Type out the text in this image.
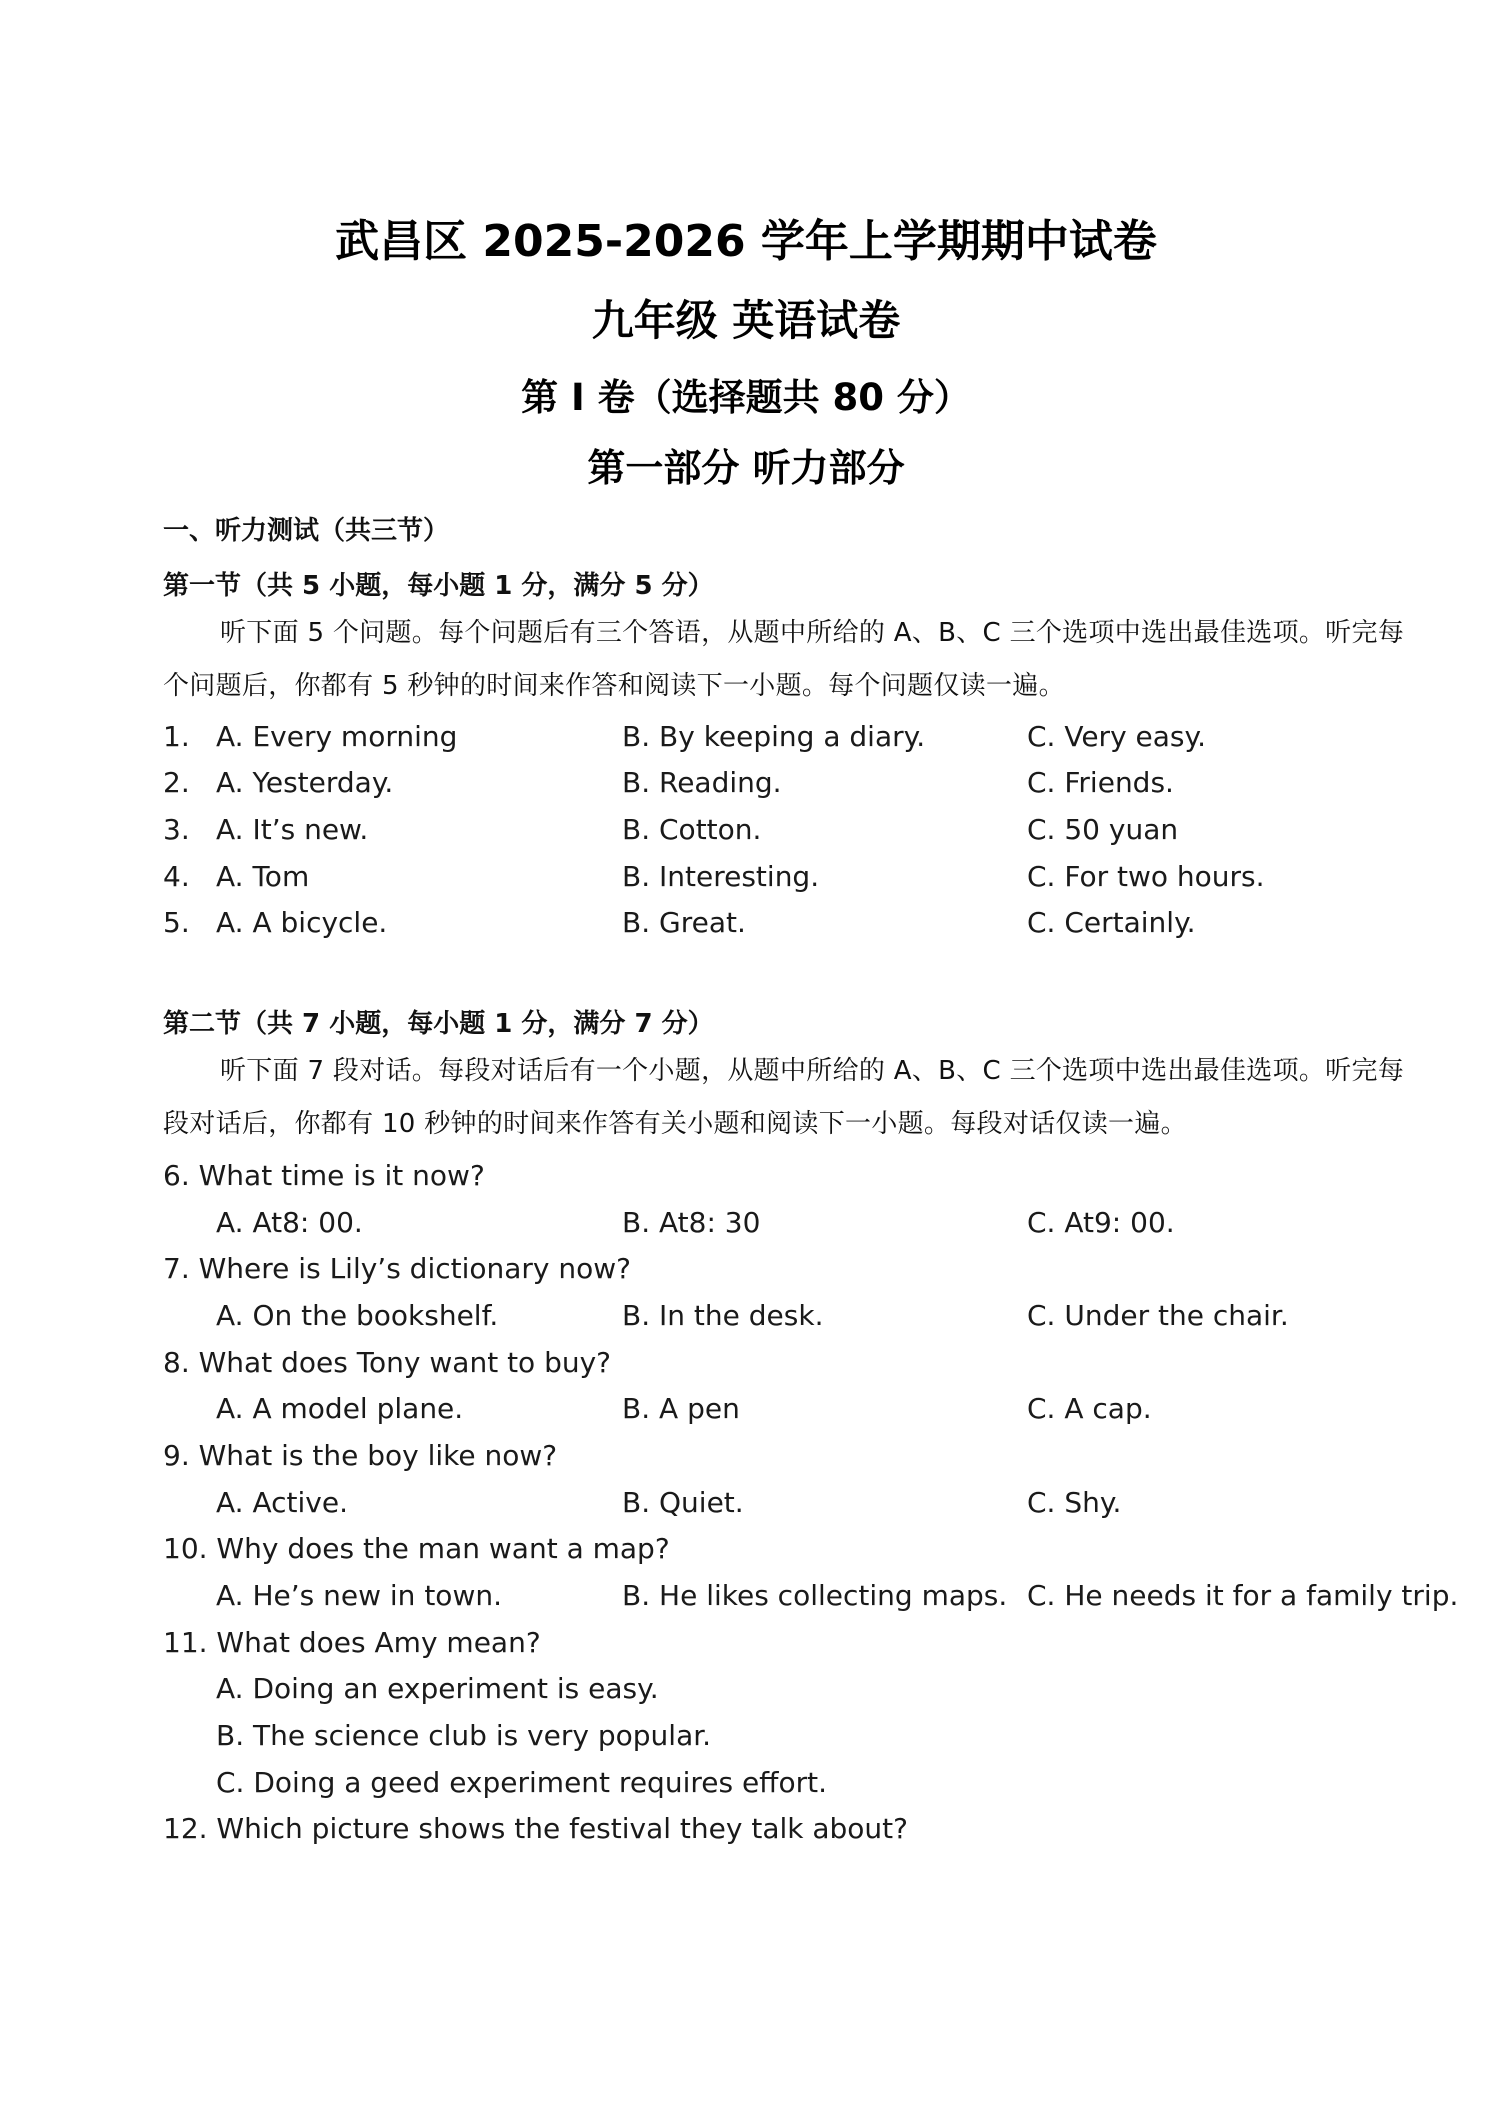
武昌区 2025-2026 学年上学期期中试卷
九年级 英语试卷
第 I 卷（选择题共 80 分）
第一部分 听力部分
一、听力测试（共三节）
第一节（共 5 小题，每小题 1 分，满分 5 分）
听下面 5 个问题。每个问题后有三个答语，从题中所给的 A、B、C 三个选项中选出最佳选项。听完每个问题后，你都有 5 秒钟的时间来作答和阅读下一小题。每个问题仅读一遍。
1. A. Every morning	B. By keeping a diary.	C. Very easy.
2. A. Yesterday.	B. Reading.	C. Friends.
3. A. It’s new.	B. Cotton.	C. 50 yuan
4. A. Tom	B. Interesting.	C. For two hours.
5. A. A bicycle.	B. Great.	C. Certainly.
第二节（共 7 小题，每小题 1 分，满分 7 分）
听下面 7 段对话。每段对话后有一个小题，从题中所给的 A、B、C 三个选项中选出最佳选项。听完每段对话后，你都有 10 秒钟的时间来作答有关小题和阅读下一小题。每段对话仅读一遍。
6. What time is it now?
A. At8: 00.	B. At8: 30	C. At9: 00.
7. Where is Lily’s dictionary now?
A. On the bookshelf.	B. In the desk.	C. Under the chair.
8. What does Tony want to buy?
A. A model plane.	B. A pen	C. A cap.
9. What is the boy like now?
A. Active.	B. Quiet.	C. Shy.
10. Why does the man want a map?
A. He’s new in town.	B. He likes collecting maps. C. He needs it for a family trip.
11. What does Amy mean?
A. Doing an experiment is easy.
B. The science club is very popular.
C. Doing a geed experiment requires effort.
12. Which picture shows the festival they talk about?
